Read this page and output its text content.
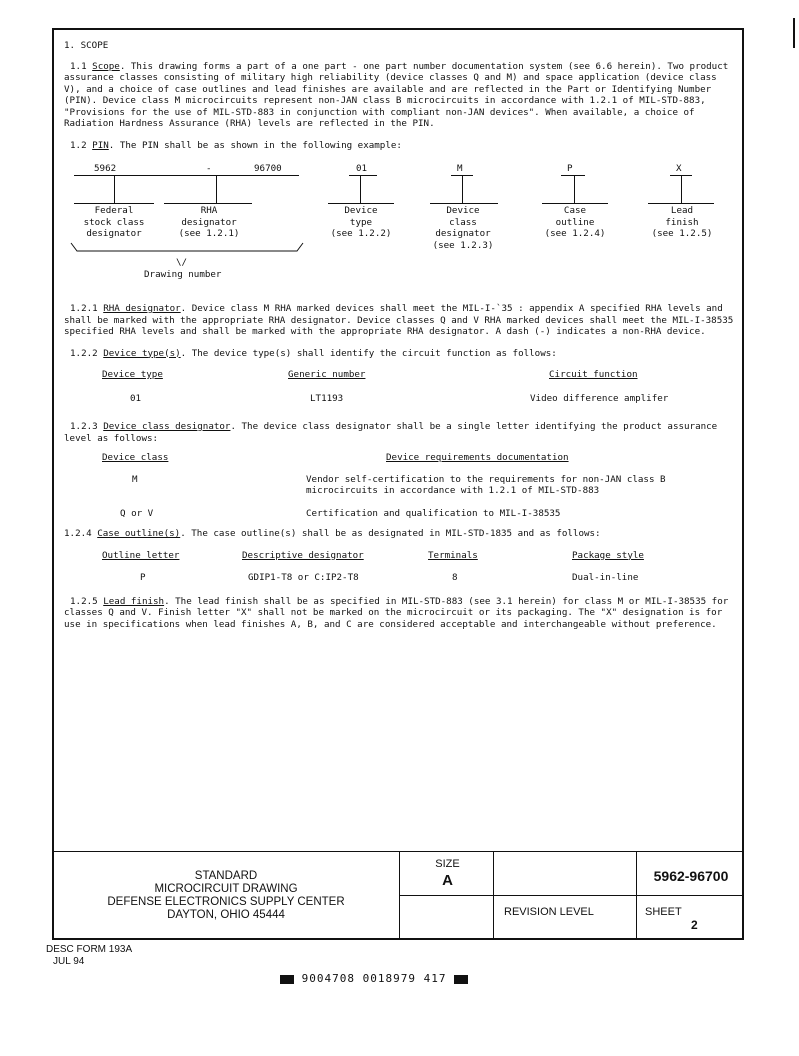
1. SCOPE

1.1 Scope. This drawing forms a part of a one part - one part number documentation system (see 6.6 herein). Two product assurance classes consisting of military high reliability (device classes Q and M) and space application (device class V), and a choice of case outlines and lead finishes are available and are reflected in the Part or Identifying Number (PIN). Device class M microcircuits represent non-JAN class B microcircuits in accordance with 1.2.1 of MIL-STD-883, "Provisions for the use of MIL-STD-883 in conjunction with compliant non-JAN devices". When available, a choice of Radiation Hardness Assurance (RHA) levels are reflected in the PIN.

1.2 PIN. The PIN shall be as shown in the following example:

5962	-	96700	01	M	P	X
Federal
stock class
designator
RHA
designator
(see 1.2.1)
Device
type
(see 1.2.2)
Device
class
designator
(see 1.2.3)
Case
outline
(see 1.2.4)
Lead
finish
(see 1.2.5)
\/
Drawing number

1.2.1 RHA designator. Device class M RHA marked devices shall meet the MIL-I-`35 : appendix A specified RHA levels and shall be marked with the appropriate RHA designator. Device classes Q and V RHA marked devices shall meet the MIL-I-38535 specified RHA levels and shall be marked with the appropriate RHA designator. A dash (-) indicates a non-RHA device.

1.2.2 Device type(s). The device type(s) shall identify the circuit function as follows:

Device type	Generic number	Circuit function
01	LT1193	Video difference amplifer

1.2.3 Device class designator. The device class designator shall be a single letter identifying the product assurance level as follows:

Device class	Device requirements documentation
M	Vendor self-certification to the requirements for non-JAN class B
microcircuits in accordance with 1.2.1 of MIL-STD-883
Q or V	Certification and qualification to MIL-I-38535

1.2.4 Case outline(s). The case outline(s) shall be as designated in MIL-STD-1835 and as follows:

Outline letter	Descriptive designator	Terminals	Package style
P	GDIP1-T8 or C:IP2-T8	8	Dual-in-line

1.2.5 Lead finish. The lead finish shall be as specified in MIL-STD-883 (see 3.1 herein) for class M or MIL-I-38535 for classes Q and V. Finish letter "X" shall not be marked on the microcircuit or its packaging. The "X" designation is for use in specifications when lead finishes A, B, and C are considered acceptable and interchangeable without preference.

STANDARD
MICROCIRCUIT DRAWING
DEFENSE ELECTRONICS SUPPLY CENTER
DAYTON, OHIO 45444
SIZE
A	5962-96700
REVISION LEVEL	SHEET
2
DESC FORM 193A
JUL 94
9004708 0018979 417
